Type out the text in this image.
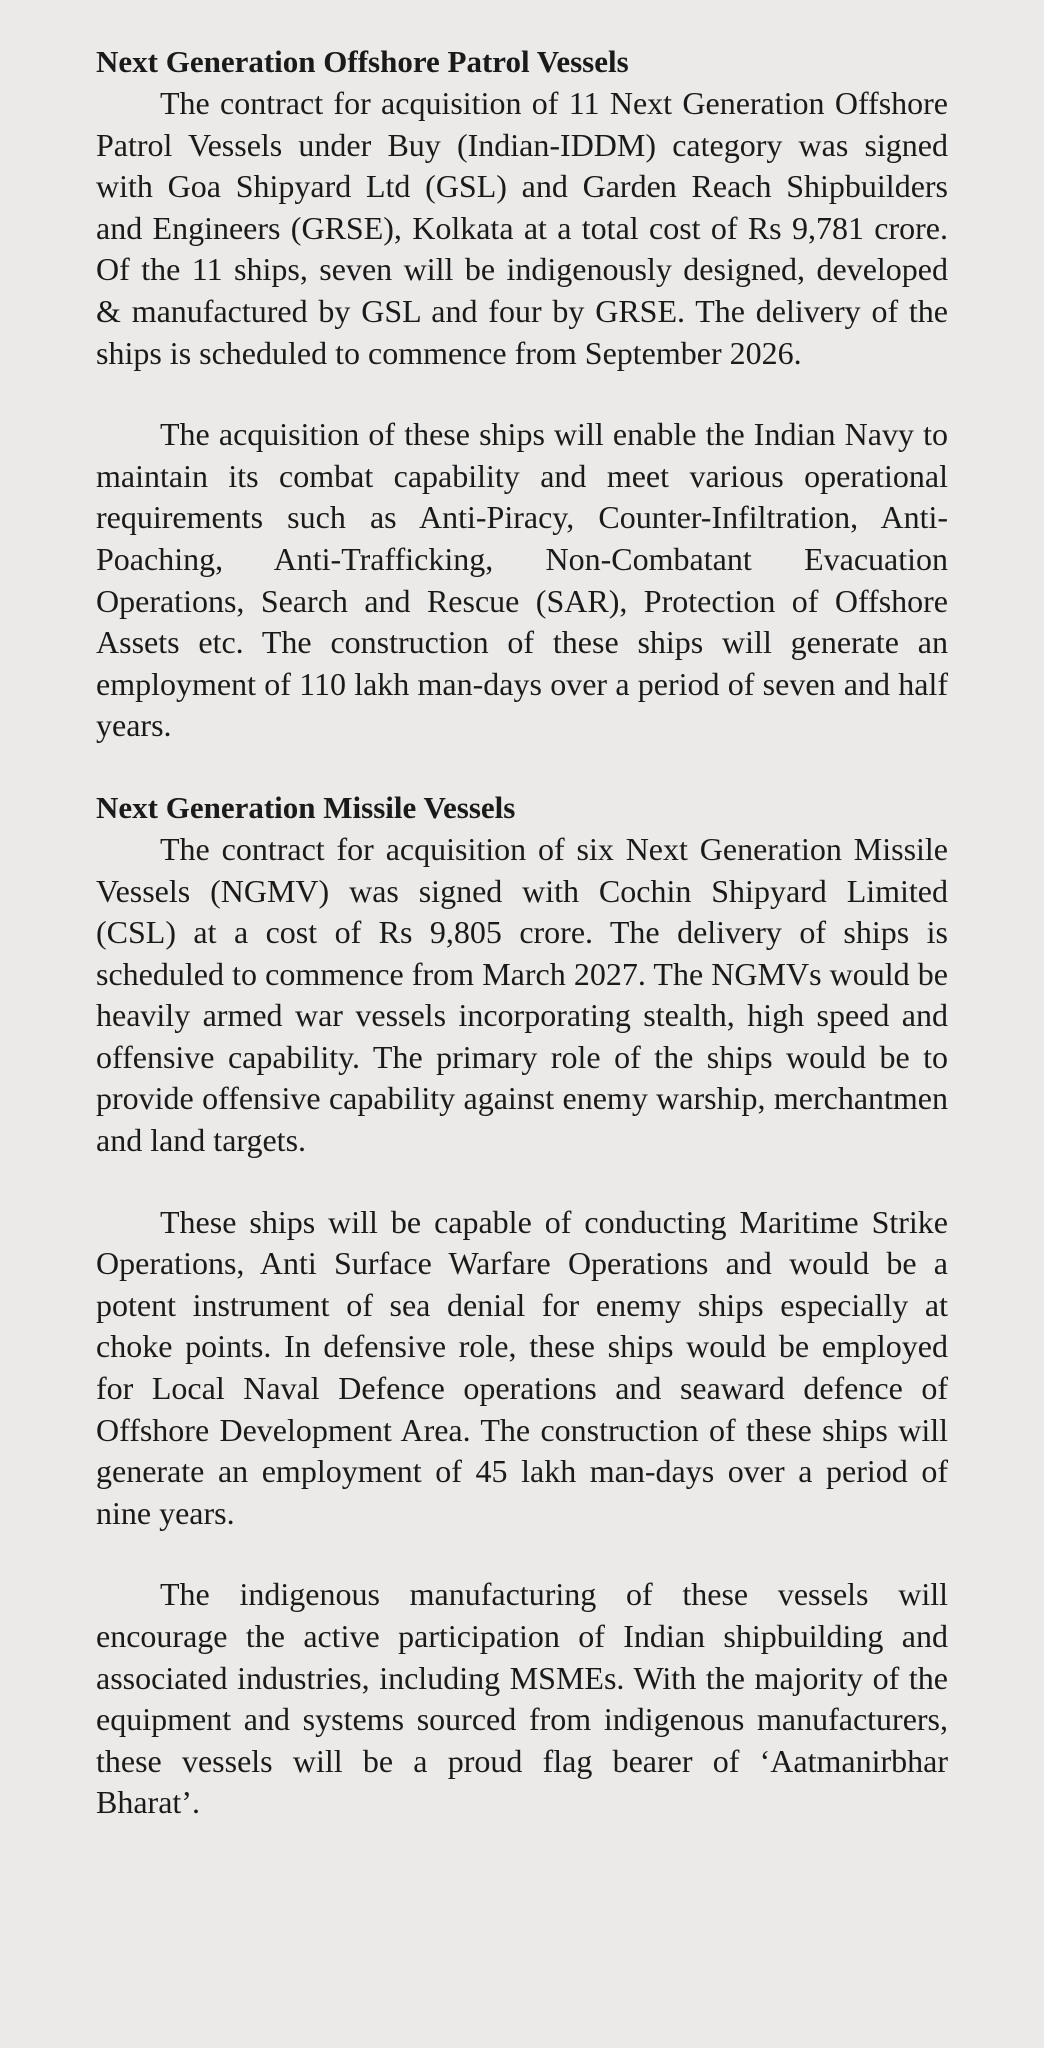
Next Generation Offshore Patrol Vessels

The contract for acquisition of 11 Next Generation Offshore Patrol Vessels under Buy (Indian-IDDM) category was signed with Goa Shipyard Ltd (GSL) and Garden Reach Shipbuilders and Engineers (GRSE), Kolkata at a total cost of Rs 9,781 crore. Of the 11 ships, seven will be indigenously designed, developed & manufactured by GSL and four by GRSE. The delivery of the ships is scheduled to commence from September 2026.

The acquisition of these ships will enable the Indian Navy to maintain its combat capability and meet various operational requirements such as Anti-Piracy, Counter-Infiltration, Anti-Poaching, Anti-Trafficking, Non-Combatant Evacuation Operations, Search and Rescue (SAR), Protection of Offshore Assets etc. The construction of these ships will generate an employment of 110 lakh man-days over a period of seven and half years.

Next Generation Missile Vessels

The contract for acquisition of six Next Generation Missile Vessels (NGMV) was signed with Cochin Shipyard Limited (CSL) at a cost of Rs 9,805 crore. The delivery of ships is scheduled to commence from March 2027. The NGMVs would be heavily armed war vessels incorporating stealth, high speed and offensive capability. The primary role of the ships would be to provide offensive capability against enemy warship, merchantmen and land targets.

These ships will be capable of conducting Maritime Strike Operations, Anti Surface Warfare Operations and would be a potent instrument of sea denial for enemy ships especially at choke points. In defensive role, these ships would be employed for Local Naval Defence operations and seaward defence of Offshore Development Area. The construction of these ships will generate an employment of 45 lakh man-days over a period of nine years.

The indigenous manufacturing of these vessels will encourage the active participation of Indian shipbuilding and associated industries, including MSMEs. With the majority of the equipment and systems sourced from indigenous manufacturers, these vessels will be a proud flag bearer of ‘Aatmanirbhar Bharat’.
